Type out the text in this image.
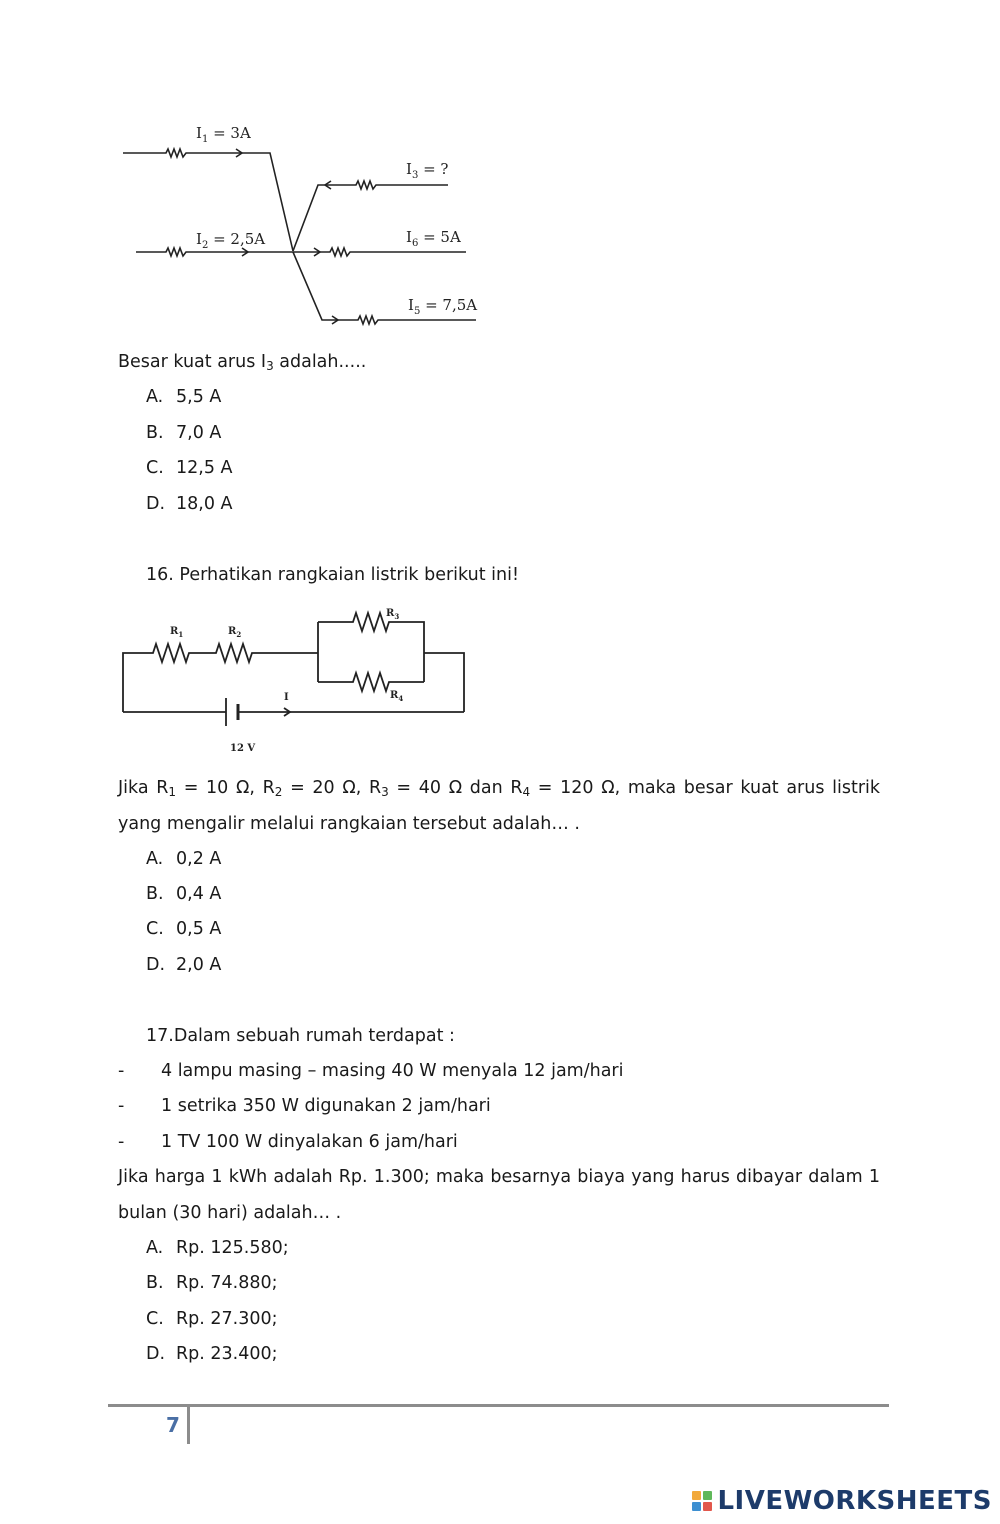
$I_1 = 3A$
$I_2 = 2,5A$
$I_3$ = ?
$I_6 = 5A$
$I_5 = 7,5A$
Besar kuat arus $I_3$ adalah.....
A. 5,5 A
B. 7,0 A
C. 12,5 A
D. 18,0 A
16. Perhatikan rangkaian listrik berikut ini!
$R_1$	$R_2$
$R_3$
$R_4$
I
12 V
Jika $R_1 = 10$ Ω, $R_2 = 20$ Ω, $R_3 = 40$ Ω dan $R_4 = 120$ Ω, maka besar kuat arus listrik
yang mengalir melalui rangkaian tersebut adalah… .
A. 0,2 A
B. 0,4 A
C. 0,5 A
D. 2,0 A
17.Dalam sebuah rumah terdapat :
- 4 lampu masing – masing 40 W menyala 12 jam/hari
- 1 setrika 350 W digunakan 2 jam/hari
- 1 TV 100 W dinyalakan 6 jam/hari
Jika harga 1 kWh adalah Rp. 1.300; maka besarnya biaya yang harus dibayar dalam 1
bulan (30 hari) adalah… .
A. Rp. 125.580;
B. Rp. 74.880;
C. Rp. 27.300;
D. Rp. 23.400;
7
LIVEWORKSHEETS
